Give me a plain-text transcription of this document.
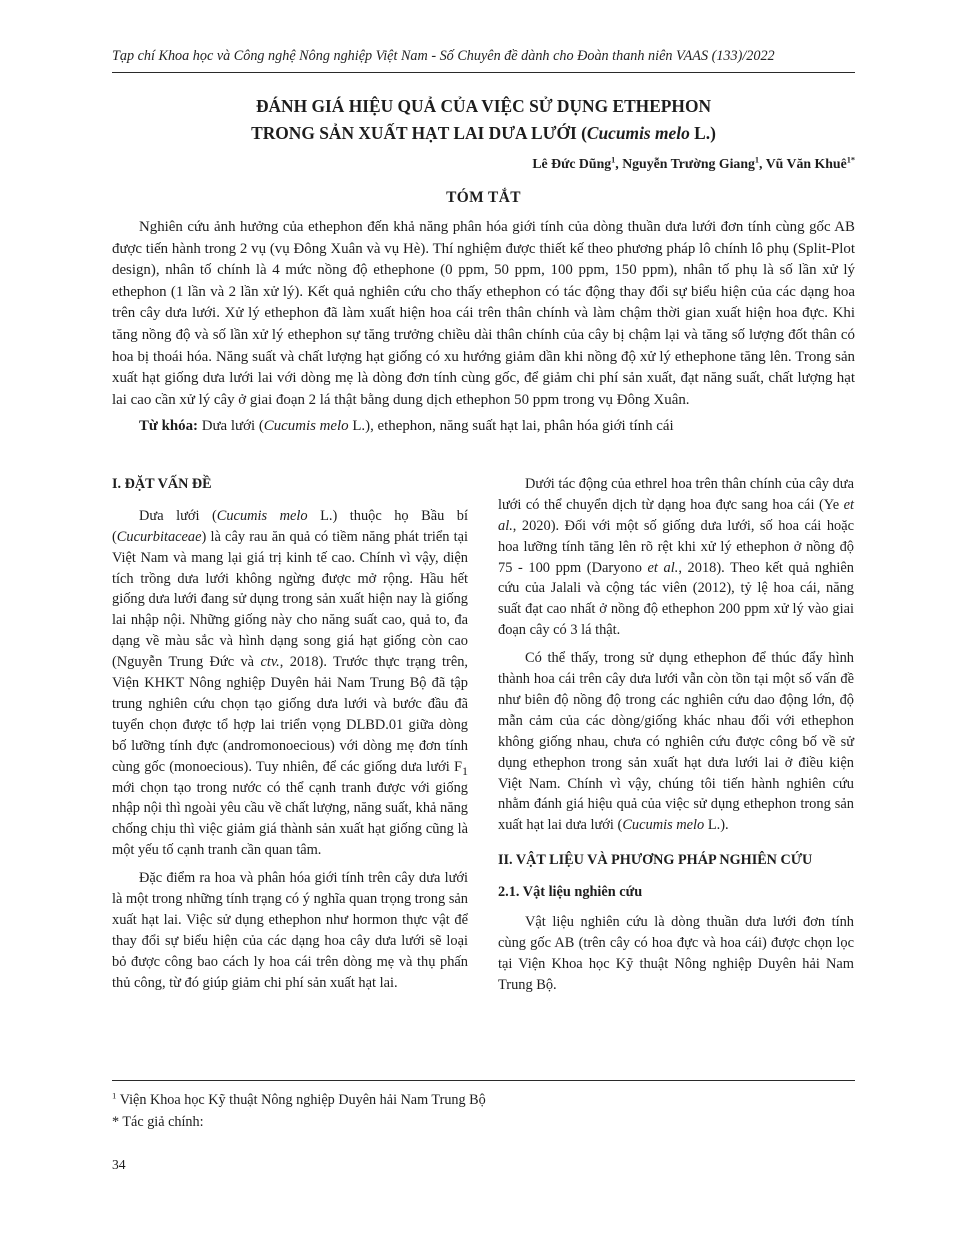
Tạp chí Khoa học và Công nghệ Nông nghiệp Việt Nam - Số Chuyên đề dành cho Đoàn thanh niên VAAS (133)/2022
ĐÁNH GIÁ HIỆU QUẢ CỦA VIỆC SỬ DỤNG ETHEPHON
TRONG SẢN XUẤT HẠT LAI DƯA LƯỚI (Cucumis melo L.)
Lê Đức Dũng$^1$, Nguyễn Trường Giang$^1$, Vũ Văn Khuê$^{1*}$
TÓM TẮT

Nghiên cứu ảnh hưởng của ethephon đến khả năng phân hóa giới tính của dòng thuần dưa lưới đơn tính cùng gốc AB được tiến hành trong 2 vụ (vụ Đông Xuân và vụ Hè). Thí nghiệm được thiết kế theo phương pháp lô chính lô phụ (Split-Plot design), nhân tố chính là 4 mức nồng độ ethephone (0 ppm, 50 ppm, 100 ppm, 150 ppm), nhân tố phụ là số lần xử lý ethephon (1 lần và 2 lần xử lý). Kết quả nghiên cứu cho thấy ethephon có tác động thay đổi sự biểu hiện của các dạng hoa trên cây dưa lưới. Xử lý ethephon đã làm xuất hiện hoa cái trên thân chính và làm chậm thời gian xuất hiện hoa đực. Khi tăng nồng độ và số lần xử lý ethephon sự tăng trưởng chiều dài thân chính của cây bị chậm lại và tăng số lượng đốt thân có hoa bị thoái hóa. Năng suất và chất lượng hạt giống có xu hướng giảm dần khi nồng độ xử lý ethephone tăng lên. Trong sản xuất hạt giống dưa lưới lai với dòng mẹ là dòng đơn tính cùng gốc, để giảm chi phí sản xuất, đạt năng suất, chất lượng hạt lai cao cần xử lý cây ở giai đoạn 2 lá thật bằng dung dịch ethephon 50 ppm trong vụ Đông Xuân.

Từ khóa: Dưa lưới (Cucumis melo L.), ethephon, năng suất hạt lai, phân hóa giới tính cái

I. ĐẶT VẤN ĐỀ

Dưa lưới (Cucumis melo L.) thuộc họ Bầu bí (Cucurbitaceae) là cây rau ăn quả có tiềm năng phát triển tại Việt Nam và mang lại giá trị kinh tế cao. Chính vì vậy, diện tích trồng dưa lưới không ngừng được mở rộng. Hầu hết giống dưa lưới đang sử dụng trong sản xuất hiện nay là giống lai nhập nội. Những giống này cho năng suất cao, quả to, đa dạng về màu sắc và hình dạng song giá hạt giống còn cao (Nguyễn Trung Đức và ctv., 2018). Trước thực trạng trên, Viện KHKT Nông nghiệp Duyên hải Nam Trung Bộ đã tập trung nghiên cứu chọn tạo giống dưa lưới và bước đầu đã tuyển chọn được tổ hợp lai triển vọng DLBD.01 giữa dòng bố lưỡng tính đực (andromonoecious) với dòng mẹ đơn tính cùng gốc (monoecious). Tuy nhiên, để các giống dưa lưới $F_1$ mới chọn tạo trong nước có thể cạnh tranh được với giống nhập nội thì ngoài yêu cầu về chất lượng, năng suất, khả năng chống chịu thì việc giảm giá thành sản xuất hạt giống cũng là một yếu tố cạnh tranh cần quan tâm.

Đặc điểm ra hoa và phân hóa giới tính trên cây dưa lưới là một trong những tính trạng có ý nghĩa quan trọng trong sản xuất hạt lai. Việc sử dụng ethephon như hormon thực vật để thay đổi sự biểu hiện của các dạng hoa cây dưa lưới sẽ loại bỏ được công bao cách ly hoa cái trên dòng mẹ và thụ phấn thủ công, từ đó giúp giảm chi phí sản xuất hạt lai.

Dưới tác động của ethrel hoa trên thân chính của cây dưa lưới có thể chuyển dịch từ dạng hoa đực sang hoa cái (Ye et al., 2020). Đối với một số giống dưa lưới, số hoa cái hoặc hoa lưỡng tính tăng lên rõ rệt khi xử lý ethephon ở nồng độ 75 - 100 ppm (Daryono et al., 2018). Theo kết quả nghiên cứu của Jalali và cộng tác viên (2012), tỷ lệ hoa cái, năng suất đạt cao nhất ở nồng độ ethephon 200 ppm xử lý vào giai đoạn cây có 3 lá thật.

Có thể thấy, trong sử dụng ethephon để thúc đẩy hình thành hoa cái trên cây dưa lưới vẫn còn tồn tại một số vấn đề như biên độ nồng độ trong các nghiên cứu dao động lớn, độ mẫn cảm của các dòng/giống khác nhau đối với ethephon không giống nhau, chưa có nghiên cứu được công bố về sử dụng ethephon trong sản xuất hạt dưa lưới lai ở điều kiện Việt Nam. Chính vì vậy, chúng tôi tiến hành nghiên cứu nhằm đánh giá hiệu quả của việc sử dụng ethephon trong sản xuất hạt lai dưa lưới (Cucumis melo L.).

II. VẬT LIỆU VÀ PHƯƠNG PHÁP NGHIÊN CỨU
2.1. Vật liệu nghiên cứu

Vật liệu nghiên cứu là dòng thuần dưa lưới đơn tính cùng gốc AB (trên cây có hoa đực và hoa cái) được chọn lọc tại Viện Khoa học Kỹ thuật Nông nghiệp Duyên hải Nam Trung Bộ.

$^1$ Viện Khoa học Kỹ thuật Nông nghiệp Duyên hải Nam Trung Bộ
* Tác giả chính:
34
